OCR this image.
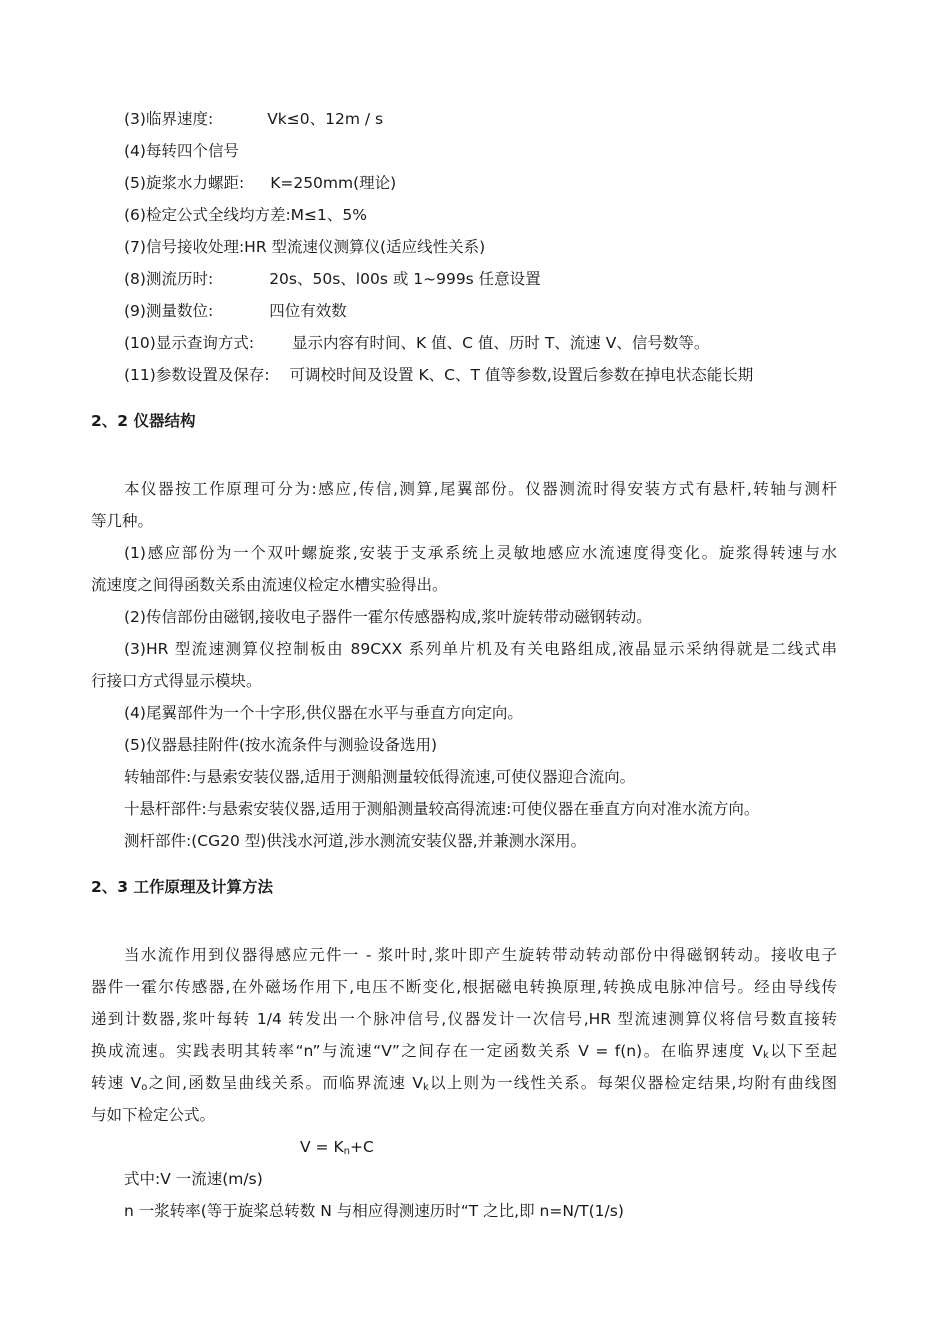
(3)临界速度:	Vk≤0、12m / s
(4)每转四个信号
(5)旋浆水力螺距: K=250mm(理论)
(6)检定公式全线均方差:M≤1、5%
(7)信号接收处理:HR 型流速仪测算仪(适应线性关系)
(8)测流历时:	20s、50s、l00s 或 1~999s 任意设置
(9)测量数位:	四位有效数
(10)显示查询方式: 显示内容有时间、K 值、C 值、历时 T、流速 V、信号数等。
(11)参数设置及保存: 可调校时间及设置 K、C、T 值等参数,设置后参数在掉电状态能长期
2、2 仪器结构
本仪器按工作原理可分为:感应,传信,测算,尾翼部份。仪器测流时得安装方式有悬杆,转轴与测杆
等几种。
(1)感应部份为一个双叶螺旋浆,安装于支承系统上灵敏地感应水流速度得变化。旋浆得转速与水
流速度之间得函数关系由流速仪检定水槽实验得出。
(2)传信部份由磁钢,接收电子器件一霍尔传感器构成,浆叶旋转带动磁钢转动。
(3)HR 型流速测算仪控制板由 89CXX 系列单片机及有关电路组成,液晶显示采纳得就是二线式串
行接口方式得显示模块。
(4)尾翼部件为一个十字形,供仪器在水平与垂直方向定向。
(5)仪器悬挂附件(按水流条件与测验设备选用)
转轴部件:与悬索安装仪器,适用于测船测量较低得流速,可使仪器迎合流向。
十悬杆部件:与悬索安装仪器,适用于测船测量较高得流速:可使仪器在垂直方向对准水流方向。
测杆部件:(CG20 型)供浅水河道,涉水测流安装仪器,并兼测水深用。
2、3 工作原理及计算方法
当水流作用到仪器得感应元件一 - 浆叶时,浆叶即产生旋转带动转动部份中得磁钢转动。接收电子
器件一霍尔传感器,在外磁场作用下,电压不断变化,根据磁电转换原理,转换成电脉冲信号。经由导线传
递到计数器,浆叶每转 1/4 转发出一个脉冲信号,仪器发计一次信号,HR 型流速测算仪将信号数直接转
换成流速。实践表明其转率“n”与流速“V”之间存在一定函数关系 V = f(n)。在临界速度 $V_k$以下至起
转速 $V_o$之间,函数呈曲线关系。而临界流速 $V_k$以上则为一线性关系。每架仪器检定结果,均附有曲线图
与如下检定公式。
$V = K_n+C$
式中:V 一流速(m/s)
n 一浆转率(等于旋桨总转数 N 与相应得测速历时“T 之比,即 n=N/T(1/s)
